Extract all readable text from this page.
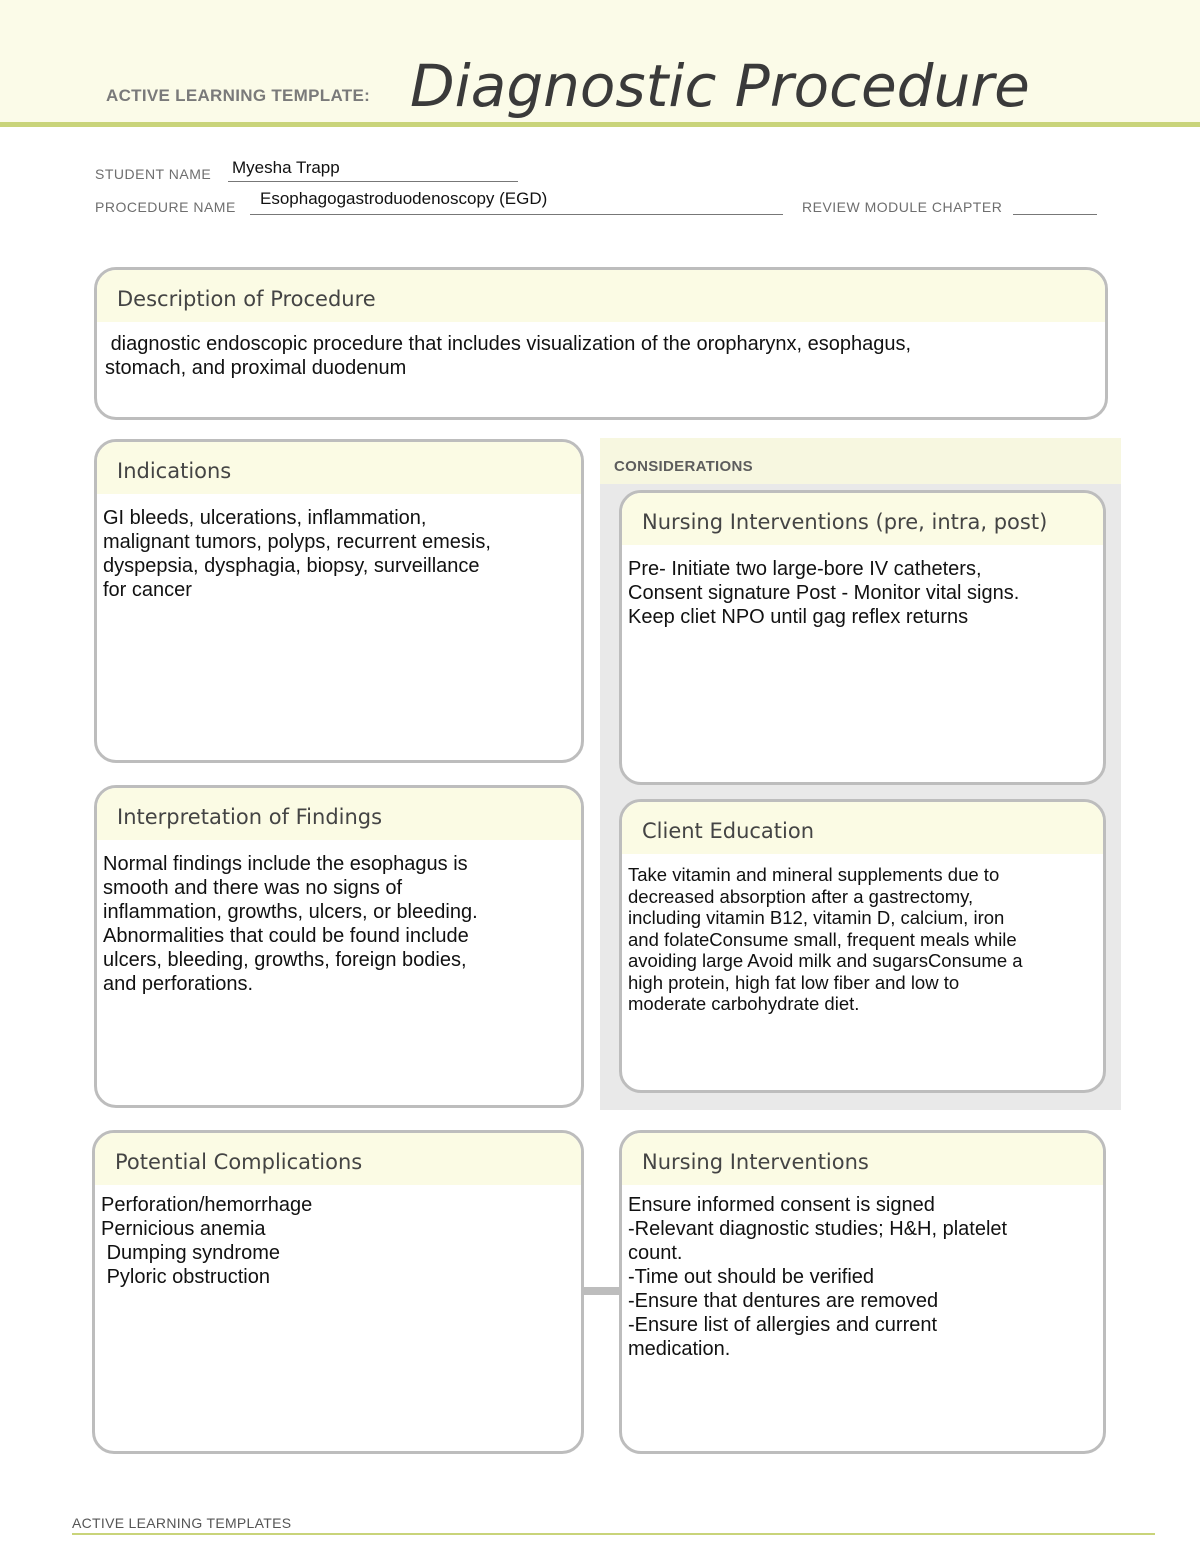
ACTIVE LEARNING TEMPLATE: Diagnostic Procedure
STUDENT NAME Myesha Trapp
PROCEDURE NAME Esophagogastroduodenoscopy (EGD)	REVIEW MODULE CHAPTER
Description of Procedure
diagnostic endoscopic procedure that includes visualization of the oropharynx, esophagus,
stomach, and proximal duodenum
CONSIDERATIONS
Indications
GI bleeds, ulcerations, inflammation,
malignant tumors, polyps, recurrent emesis,
dyspepsia, dysphagia, biopsy, surveillance
for cancer
Nursing Interventions (pre, intra, post)
Pre- Initiate two large-bore IV catheters,
Consent signature Post - Monitor vital signs.
Keep cliet NPO until gag reflex returns
Interpretation of Findings
Normal findings include the esophagus is
smooth and there was no signs of
inflammation, growths, ulcers, or bleeding.
Abnormalities that could be found include
ulcers, bleeding, growths, foreign bodies,
and perforations.
Client Education
Take vitamin and mineral supplements due to
decreased absorption after a gastrectomy,
including vitamin B12, vitamin D, calcium, iron
and folateConsume small, frequent meals while
avoiding large Avoid milk and sugarsConsume a
high protein, high fat low fiber and low to
moderate carbohydrate diet.
Potential Complications
Perforation/hemorrhage
Pernicious anemia
Dumping syndrome
Pyloric obstruction
Nursing Interventions
Ensure informed consent is signed
-Relevant diagnostic studies; H&H, platelet
count.
-Time out should be verified
-Ensure that dentures are removed
-Ensure list of allergies and current
medication.
ACTIVE LEARNING TEMPLATES
